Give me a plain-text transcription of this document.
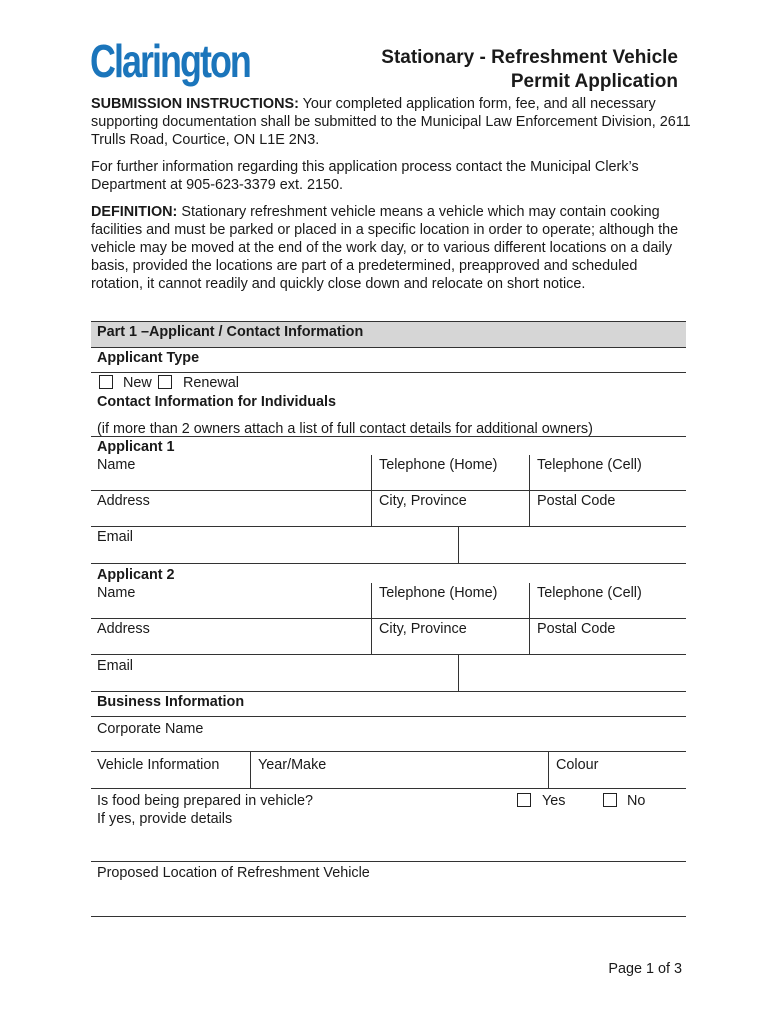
Clarington	Stationary - Refreshment Vehicle
Permit Application
SUBMISSION INSTRUCTIONS: Your completed application form, fee, and all necessary supporting documentation shall be submitted to the Municipal Law Enforcement Division, 2611 Trulls Road, Courtice, ON L1E 2N3.
For further information regarding this application process contact the Municipal Clerk’s Department at 905-623-3379 ext. 2150.
DEFINITION: Stationary refreshment vehicle means a vehicle which may contain cooking facilities and must be parked or placed in a specific location in order to operate; although the vehicle may be moved at the end of the work day, or to various different locations on a daily basis, provided the locations are part of a predetermined, preapproved and scheduled rotation, it cannot readily and quickly close down and relocate on short notice.
Part 1 –Applicant / Contact Information
Applicant Type
New Renewal
Contact Information for Individuals
(if more than 2 owners attach a list of full contact details for additional owners)
Applicant 1
Name	Telephone (Home)	Telephone (Cell)
Address	City, Province	Postal Code
Email
Applicant 2
Name	Telephone (Home)	Telephone (Cell)
Address	City, Province	Postal Code
Email
Business Information
Corporate Name
Vehicle Information	Year/Make	Colour
Is food being prepared in vehicle?	Yes	No
If yes, provide details
Proposed Location of Refreshment Vehicle
Page 1 of 3
